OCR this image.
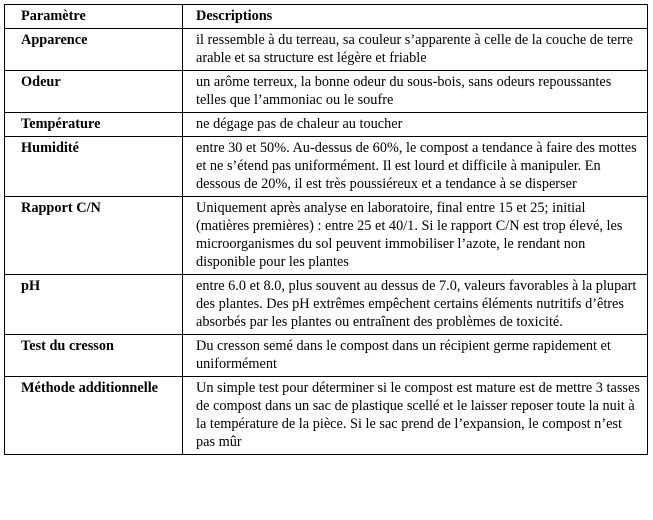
Paramètre	Descriptions
Apparence	il ressemble à du terreau, sa couleur s’apparente à celle de la couche de terre arable et sa structure est légère et friable
Odeur	un arôme terreux, la bonne odeur du sous-bois, sans odeurs repoussantes telles que l’ammoniac ou le soufre
Température	ne dégage pas de chaleur au toucher
Humidité	entre 30 et 50%. Au-dessus de 60%, le compost a tendance à faire des mottes et ne s’étend pas uniformément. Il est lourd et difficile à manipuler. En dessous de 20%, il est très poussiéreux et a tendance à se disperser
Rapport C/N	Uniquement après analyse en laboratoire, final entre 15 et 25; initial (matières premières) : entre 25 et 40/1. Si le rapport C/N est trop élevé, les microorganismes du sol peuvent immobiliser l’azote, le rendant non disponible pour les plantes
pH	entre 6.0 et 8.0, plus souvent au dessus de 7.0, valeurs favorables à la plupart des plantes. Des pH extrêmes empêchent certains éléments nutritifs d’êtres absorbés par les plantes ou entraînent des problèmes de toxicité.
Test du cresson	Du cresson semé dans le compost dans un récipient germe rapidement et uniformément
Méthode additionnelle	Un simple test pour déterminer si le compost est mature est de mettre 3 tasses de compost dans un sac de plastique scellé et le laisser reposer toute la nuit à la température de la pièce. Si le sac prend de l’expansion, le compost n’est pas mûr
